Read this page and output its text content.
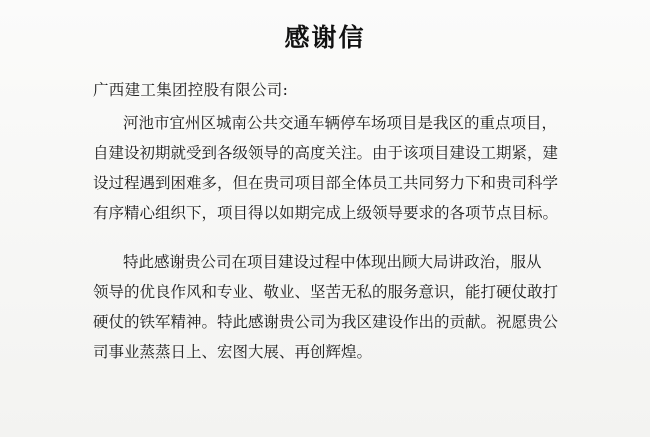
感谢信
广西建工集团控股有限公司:
河池市宜州区城南公共交通车辆停车场项目是我区的重点项目，
自建设初期就受到各级领导的高度关注。由于该项目建设工期紧，建
设过程遇到困难多，但在贵司项目部全体员工共同努力下和贵司科学
有序精心组织下，项目得以如期完成上级领导要求的各项节点目标。
特此感谢贵公司在项目建设过程中体现出顾大局讲政治，服从
领导的优良作风和专业、敬业、坚苦无私的服务意识，能打硬仗敢打
硬仗的铁军精神。特此感谢贵公司为我区建设作出的贡献。祝愿贵公
司事业蒸蒸日上、宏图大展、再创辉煌。
